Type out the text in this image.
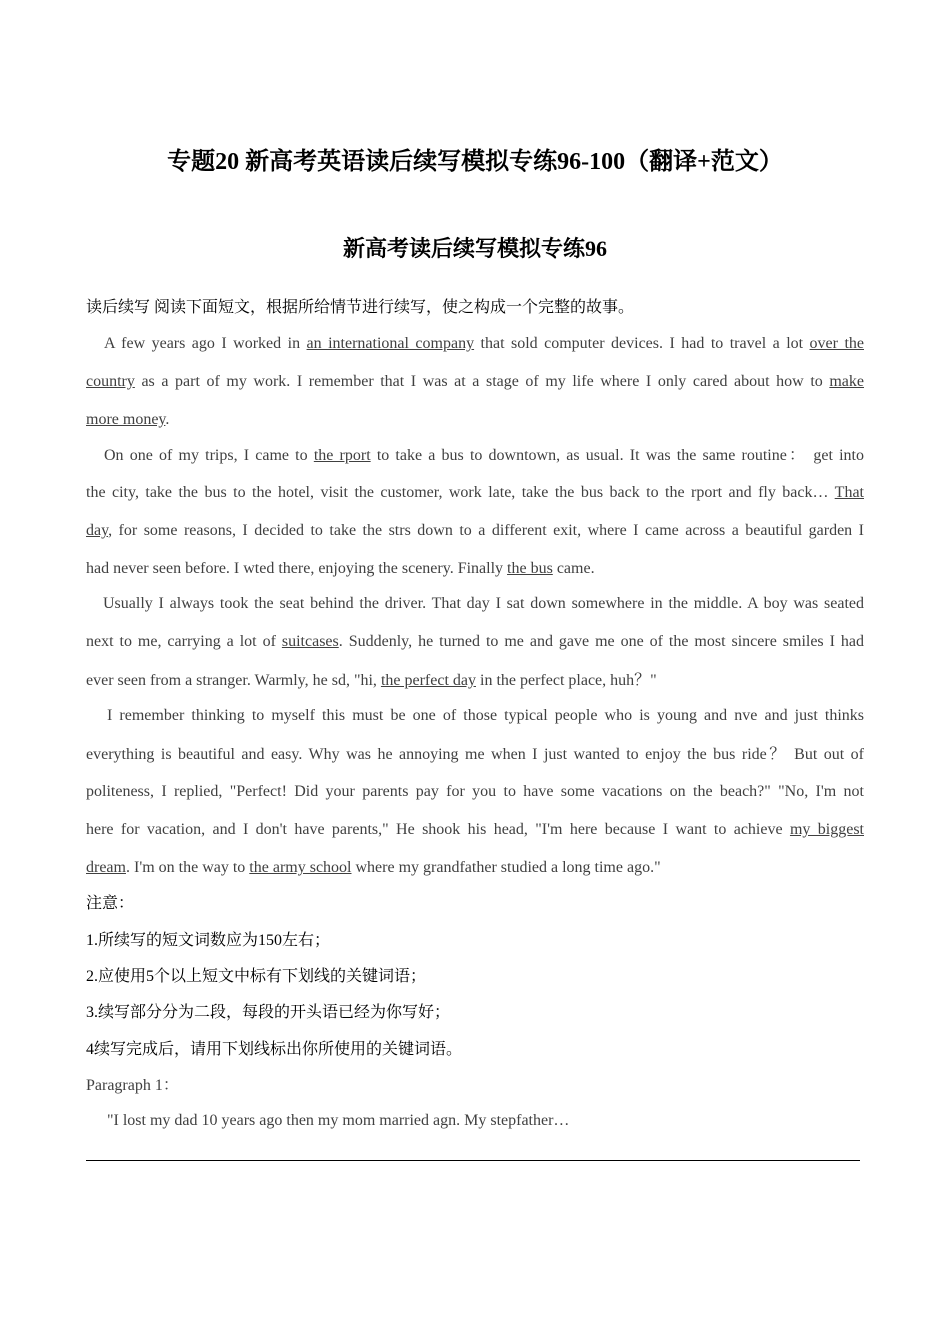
专题20 新高考英语读后续写模拟专练96-100（翻译+范文）
新高考读后续写模拟专练96
读后续写 阅读下面短文，根据所给情节进行续写，使之构成一个完整的故事。
A few years ago I worked in an international company that sold computer devices. I had to travel a lot over the
country as a part of my work. I remember that I was at a stage of my life where I only cared about how to make
more money.
On one of my trips, I came to the rport to take a bus to downtown, as usual. It was the same routine： get into
the city, take the bus to the hotel, visit the customer, work late, take the bus back to the rport and fly back… That
day, for some reasons, I decided to take the strs down to a different exit, where I came across a beautiful garden I
had never seen before. I wted there, enjoying the scenery. Finally the bus came.
Usually I always took the seat behind the driver. That day I sat down somewhere in the middle. A boy was seated
next to me, carrying a lot of suitcases. Suddenly, he turned to me and gave me one of the most sincere smiles I had
ever seen from a stranger. Warmly, he sd, "hi, the perfect day in the perfect place, huh？"
I remember thinking to myself this must be one of those typical people who is young and nve and just thinks
everything is beautiful and easy. Why was he annoying me when I just wanted to enjoy the bus ride？ But out of
politeness, I replied, "Perfect! Did your parents pay for you to have some vacations on the beach?" "No, I'm not
here for vacation, and I don't have parents," He shook his head, "I'm here because I want to achieve my biggest
dream. I'm on the way to the army school where my grandfather studied a long time ago."
注意：
1.所续写的短文词数应为150左右；
2.应使用5个以上短文中标有下划线的关键词语；
3.续写部分分为二段，每段的开头语已经为你写好；
4续写完成后，请用下划线标出你所使用的关键词语。
Paragraph 1：
"I lost my dad 10 years ago then my mom married agn. My stepfather…
